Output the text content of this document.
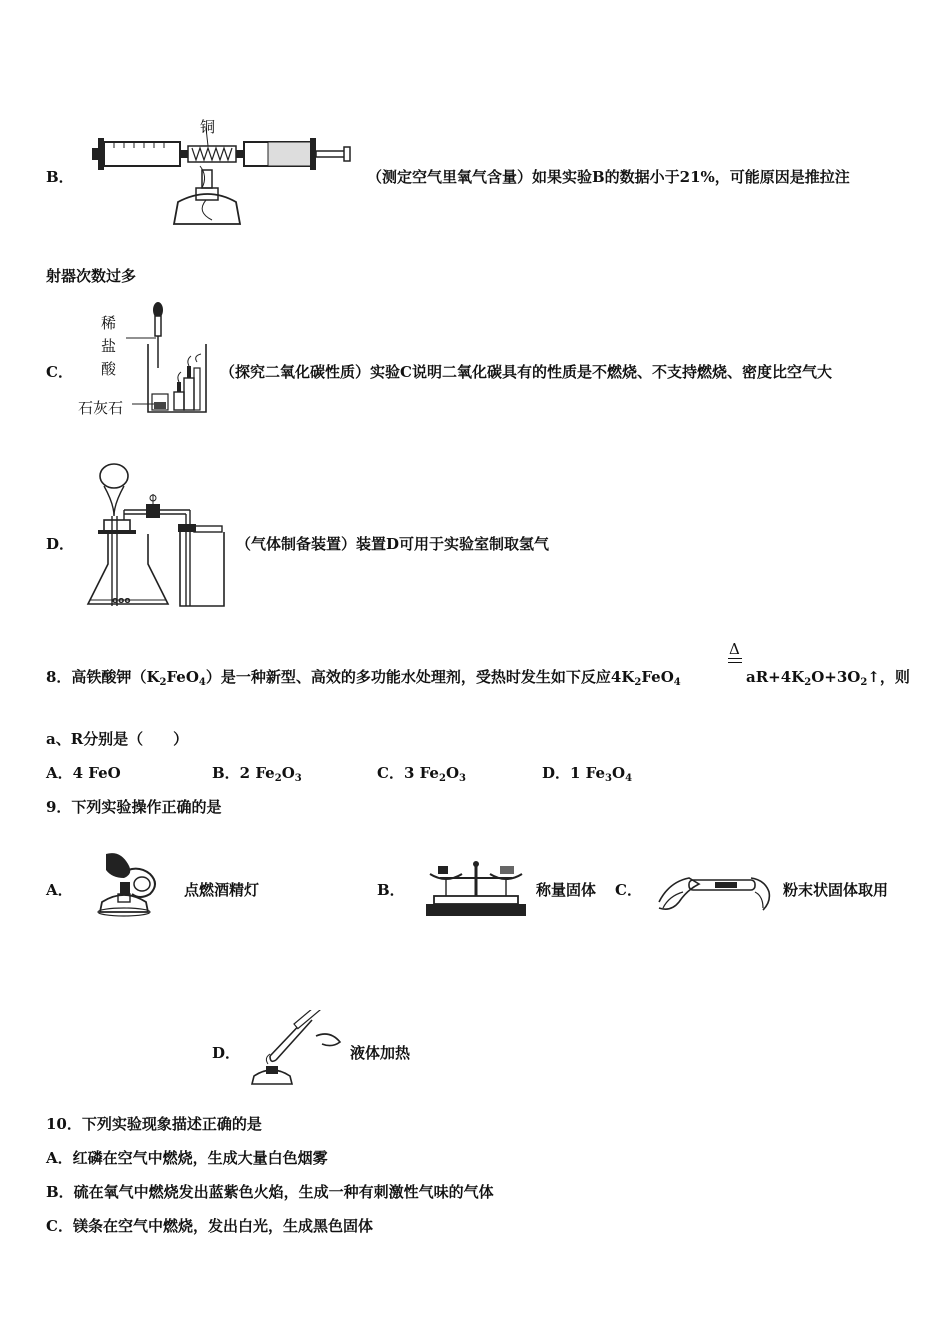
B．
铜
（测定空气里氧气含量）如果实验B的数据小于21%，可能原因是推拉注
射器次数过多
C．
稀
盐
酸
石灰石
（探究二氧化碳性质）实验C说明二氧化碳具有的性质是不燃烧、不支持燃烧、密度比空气大
D．
ooo
（气体制备装置）装置D可用于实验室制取氢气
8．高铁酸钾$(K_2FeO_4)$是一种新型、高效的多功能水处理剂，受热时发生如下反应$4K_2FeO_4$
Δ
$aR+4K_2O+3O_2↑$，则
a、R分别是（　　）
A．4 FeO	B．2 $Fe_2O_3$	C．3 $Fe_2O_3$	D．1 $Fe_3O_4$
9．下列实验操作正确的是
A．	点燃酒精灯	B．	称量固体 C．	粉末状固体取用
D．	液体加热
10．下列实验现象描述正确的是
A．红磷在空气中燃烧，生成大量白色烟雾
B．硫在氧气中燃烧发出蓝紫色火焰，生成一种有刺激性气味的气体
C．镁条在空气中燃烧，发出白光，生成黑色固体
